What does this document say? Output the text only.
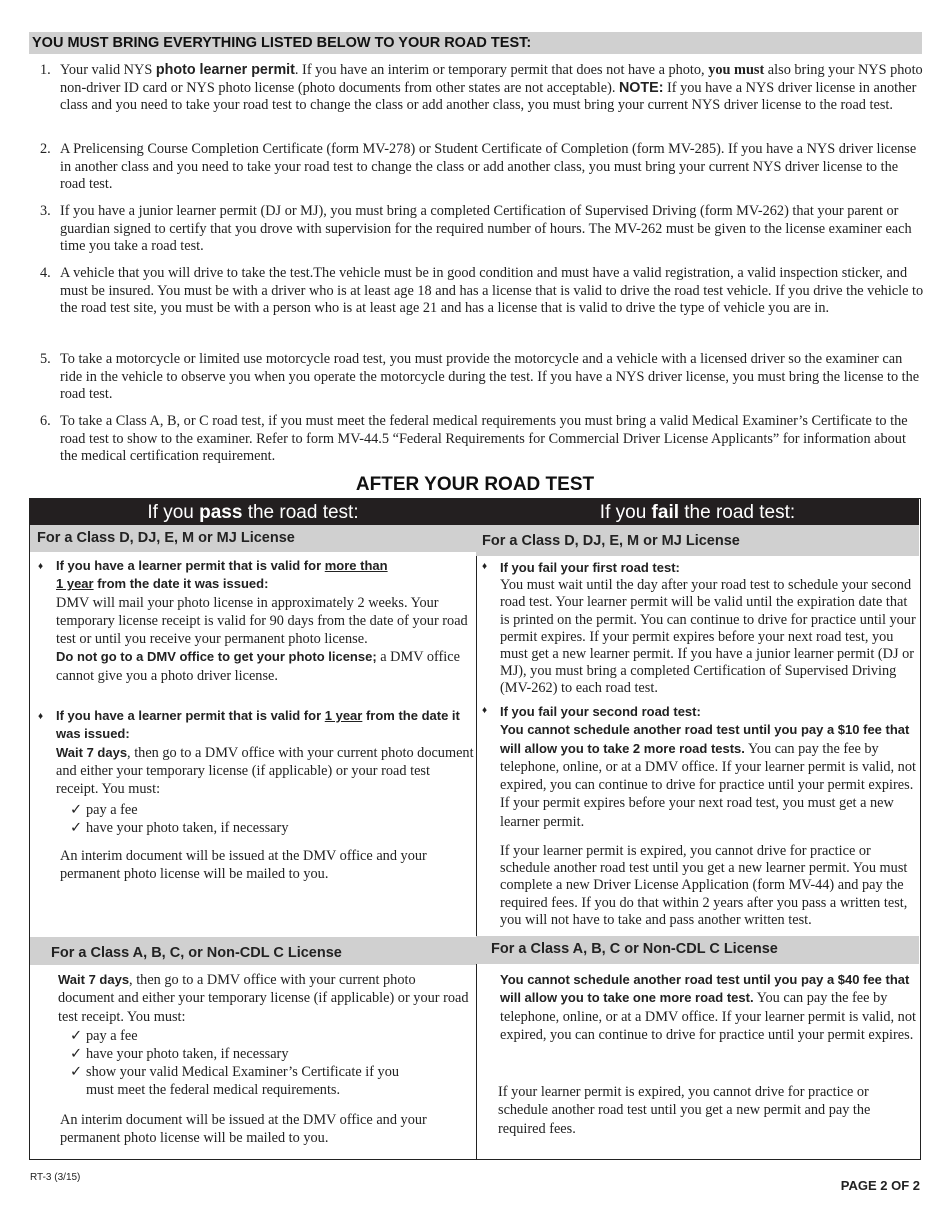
YOU MUST BRING EVERYTHING LISTED BELOW TO YOUR ROAD TEST:
1. Your valid NYS photo learner permit. If you have an interim or temporary permit that does not have a photo, you must also bring your NYS photo non-driver ID card or NYS photo license (photo documents from other states are not acceptable). NOTE: If you have a NYS driver license in another class and you need to take your road test to change the class or add another class, you must bring your current NYS driver license to the road test.
2. A Prelicensing Course Completion Certificate (form MV-278) or Student Certificate of Completion (form MV-285). If you have a NYS driver license in another class and you need to take your road test to change the class or add another class, you must bring your current NYS driver license to the road test.
3. If you have a junior learner permit (DJ or MJ), you must bring a completed Certification of Supervised Driving (form MV-262) that your parent or guardian signed to certify that you drove with supervision for the required number of hours. The MV-262 must be given to the license examiner each time you take a road test.
4. A vehicle that you will drive to take the test.The vehicle must be in good condition and must have a valid registration, a valid inspection sticker, and must be insured. You must be with a driver who is at least age 18 and has a license that is valid to drive the road test vehicle. If you drive the vehicle to the road test site, you must be with a person who is at least age 21 and has a license that is valid to drive the type of vehicle you are in.
5. To take a motorcycle or limited use motorcycle road test, you must provide the motorcycle and a vehicle with a licensed driver so the examiner can ride in the vehicle to observe you when you operate the motorcycle during the test. If you have a NYS driver license, you must bring the license to the road test.
6. To take a Class A, B, or C road test, if you must meet the federal medical requirements you must bring a valid Medical Examiner’s Certificate to the road test to show to the examiner. Refer to form MV-44.5 “Federal Requirements for Commercial Driver License Applicants” for information about the medical certification requirement.
AFTER YOUR ROAD TEST
If you pass the road test:
For a Class D, DJ, E, M or MJ License
♦ If you have a learner permit that is valid for more than
1 year from the date it was issued:
DMV will mail your photo license in approximately 2 weeks. Your temporary license receipt is valid for 90 days from the date of your road test or until you receive your permanent photo license.
Do not go to a DMV office to get your photo license; a DMV office cannot give you a photo driver license.
♦ If you have a learner permit that is valid for 1 year from the date it was issued:
Wait 7 days, then go to a DMV office with your current photo document and either your temporary license (if applicable) or your road test receipt. You must:
✓ pay a fee
✓ have your photo taken, if necessary
An interim document will be issued at the DMV office and your permanent photo license will be mailed to you.
For a Class A, B, C, or Non-CDL C License
Wait 7 days, then go to a DMV office with your current photo document and either your temporary license (if applicable) or your road test receipt. You must:
✓ pay a fee
✓ have your photo taken, if necessary
✓ show your valid Medical Examiner’s Certificate if you must meet the federal medical requirements.
An interim document will be issued at the DMV office and your permanent photo license will be mailed to you.
If you fail the road test:
For a Class D, DJ, E, M or MJ License
♦ If you fail your first road test:
You must wait until the day after your road test to schedule your second road test. Your learner permit will be valid until the expiration date that is printed on the permit. You can continue to drive for practice until your permit expires. If your permit expires before your next road test, you must get a new learner permit. If you have a junior learner permit (DJ or MJ), you must bring a completed Certification of Supervised Driving (MV-262) to each road test.
♦ If you fail your second road test:
You cannot schedule another road test until you pay a $10 fee that will allow you to take 2 more road tests. You can pay the fee by telephone, online, or at a DMV office. If your learner permit is valid, not expired, you can continue to drive for practice until your permit expires. If your permit expires before your next road test, you must get a new learner permit.
If your learner permit is expired, you cannot drive for practice or schedule another road test until you get a new learner permit. You must complete a new Driver License Application (form MV-44) and pay the required fees. If you do that within 2 years after you pass a written test, you will not have to take and pass another written test.
For a Class A, B, C or Non-CDL C License
You cannot schedule another road test until you pay a $40 fee that will allow you to take one more road test. You can pay the fee by telephone, online, or at a DMV office. If your learner permit is valid, not expired, you can continue to drive for practice until your permit expires.
If your learner permit is expired, you cannot drive for practice or schedule another road test until you get a new permit and pay the required fees.
RT-3 (3/15)
PAGE 2 OF 2
